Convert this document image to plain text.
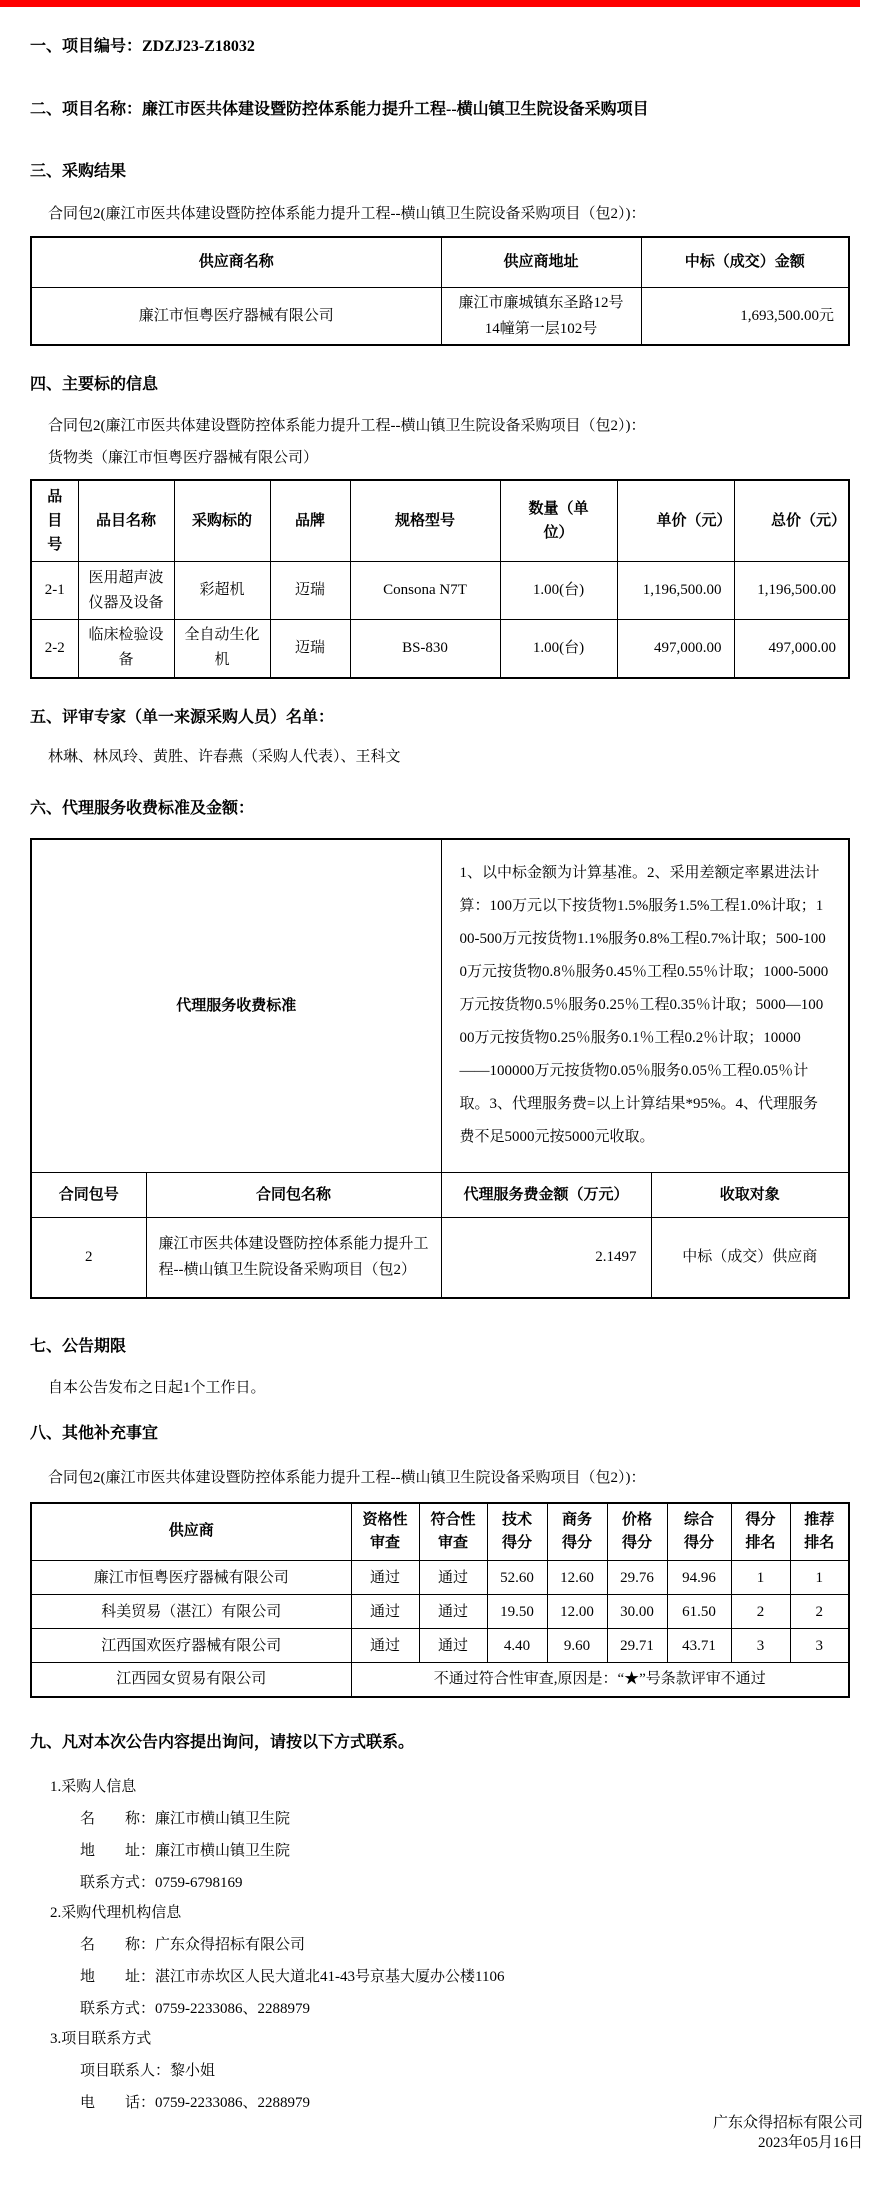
一、项目编号：ZDZJ23-Z18032

二、项目名称：廉江市医共体建设暨防控体系能力提升工程--横山镇卫生院设备采购项目

三、采购结果

合同包2(廉江市医共体建设暨防控体系能力提升工程--横山镇卫生院设备采购项目（包2）)：

供应商名称	供应商地址	中标（成交）金额
廉江市恒粤医疗器械有限公司	廉江市廉城镇东圣路12号14幢第一层102号	1,693,500.00元

四、主要标的信息

合同包2(廉江市医共体建设暨防控体系能力提升工程--横山镇卫生院设备采购项目（包2）)：

货物类（廉江市恒粤医疗器械有限公司）

品目号	品目名称	采购标的	品牌	规格型号	数量（单位）	单价（元）	总价（元）
2-1	医用超声波仪器及设备	彩超机	迈瑞	Consona N7T	1.00(台)	1,196,500.00	1,196,500.00
2-2	临床检验设备	全自动生化机	迈瑞	BS-830	1.00(台)	497,000.00	497,000.00

五、评审专家（单一来源采购人员）名单：

林琳、林凤玲、黄胜、许春燕（采购人代表）、王科文

六、代理服务收费标准及金额：

代理服务收费标准		1、以中标金额为计算基准。2、采用差额定率累进法计算：100万元以下按货物1.5%服务1.5%工程1.0%计取；100-500万元按货物1.1%服务0.8%工程0.7%计取；500-1000万元按货物0.8％服务0.45％工程0.55％计取；1000-5000万元按货物0.5％服务0.25％工程0.35％计取；5000—10000万元按货物0.25％服务0.1％工程0.2％计取；10000——100000万元按货物0.05％服务0.05％工程0.05％计取。3、代理服务费=以上计算结果*95%。4、代理服务费不足5000元按5000元收取。	
合同包号	合同包名称	代理服务费金额（万元）	收取对象
2	廉江市医共体建设暨防控体系能力提升工程--横山镇卫生院设备采购项目（包2）	2.1497	中标（成交）供应商

七、公告期限

自本公告发布之日起1个工作日。

八、其他补充事宜

合同包2(廉江市医共体建设暨防控体系能力提升工程--横山镇卫生院设备采购项目（包2）)：

供应商	资格性审查	符合性审查	技术得分	商务得分	价格得分	综合得分	得分排名	推荐排名
廉江市恒粤医疗器械有限公司	通过	通过	52.60	12.60	29.76	94.96	1	1
科美贸易（湛江）有限公司	通过	通过	19.50	12.00	30.00	61.50	2	2
江西国欢医疗器械有限公司	通过	通过	4.40	9.60	29.71	43.71	3	3
江西园女贸易有限公司	不通过符合性审查,原因是：“★”号条款评审不通过							

九、凡对本次公告内容提出询问，请按以下方式联系。

1.采购人信息

名　　称：廉江市横山镇卫生院

地　　址：廉江市横山镇卫生院

联系方式：0759-6798169

2.采购代理机构信息

名　　称：广东众得招标有限公司

地　　址：湛江市赤坎区人民大道北41-43号京基大厦办公楼1106

联系方式：0759-2233086、2288979

3.项目联系方式

项目联系人：黎小姐

电　　话：0759-2233086、2288979

广东众得招标有限公司

2023年05月16日
